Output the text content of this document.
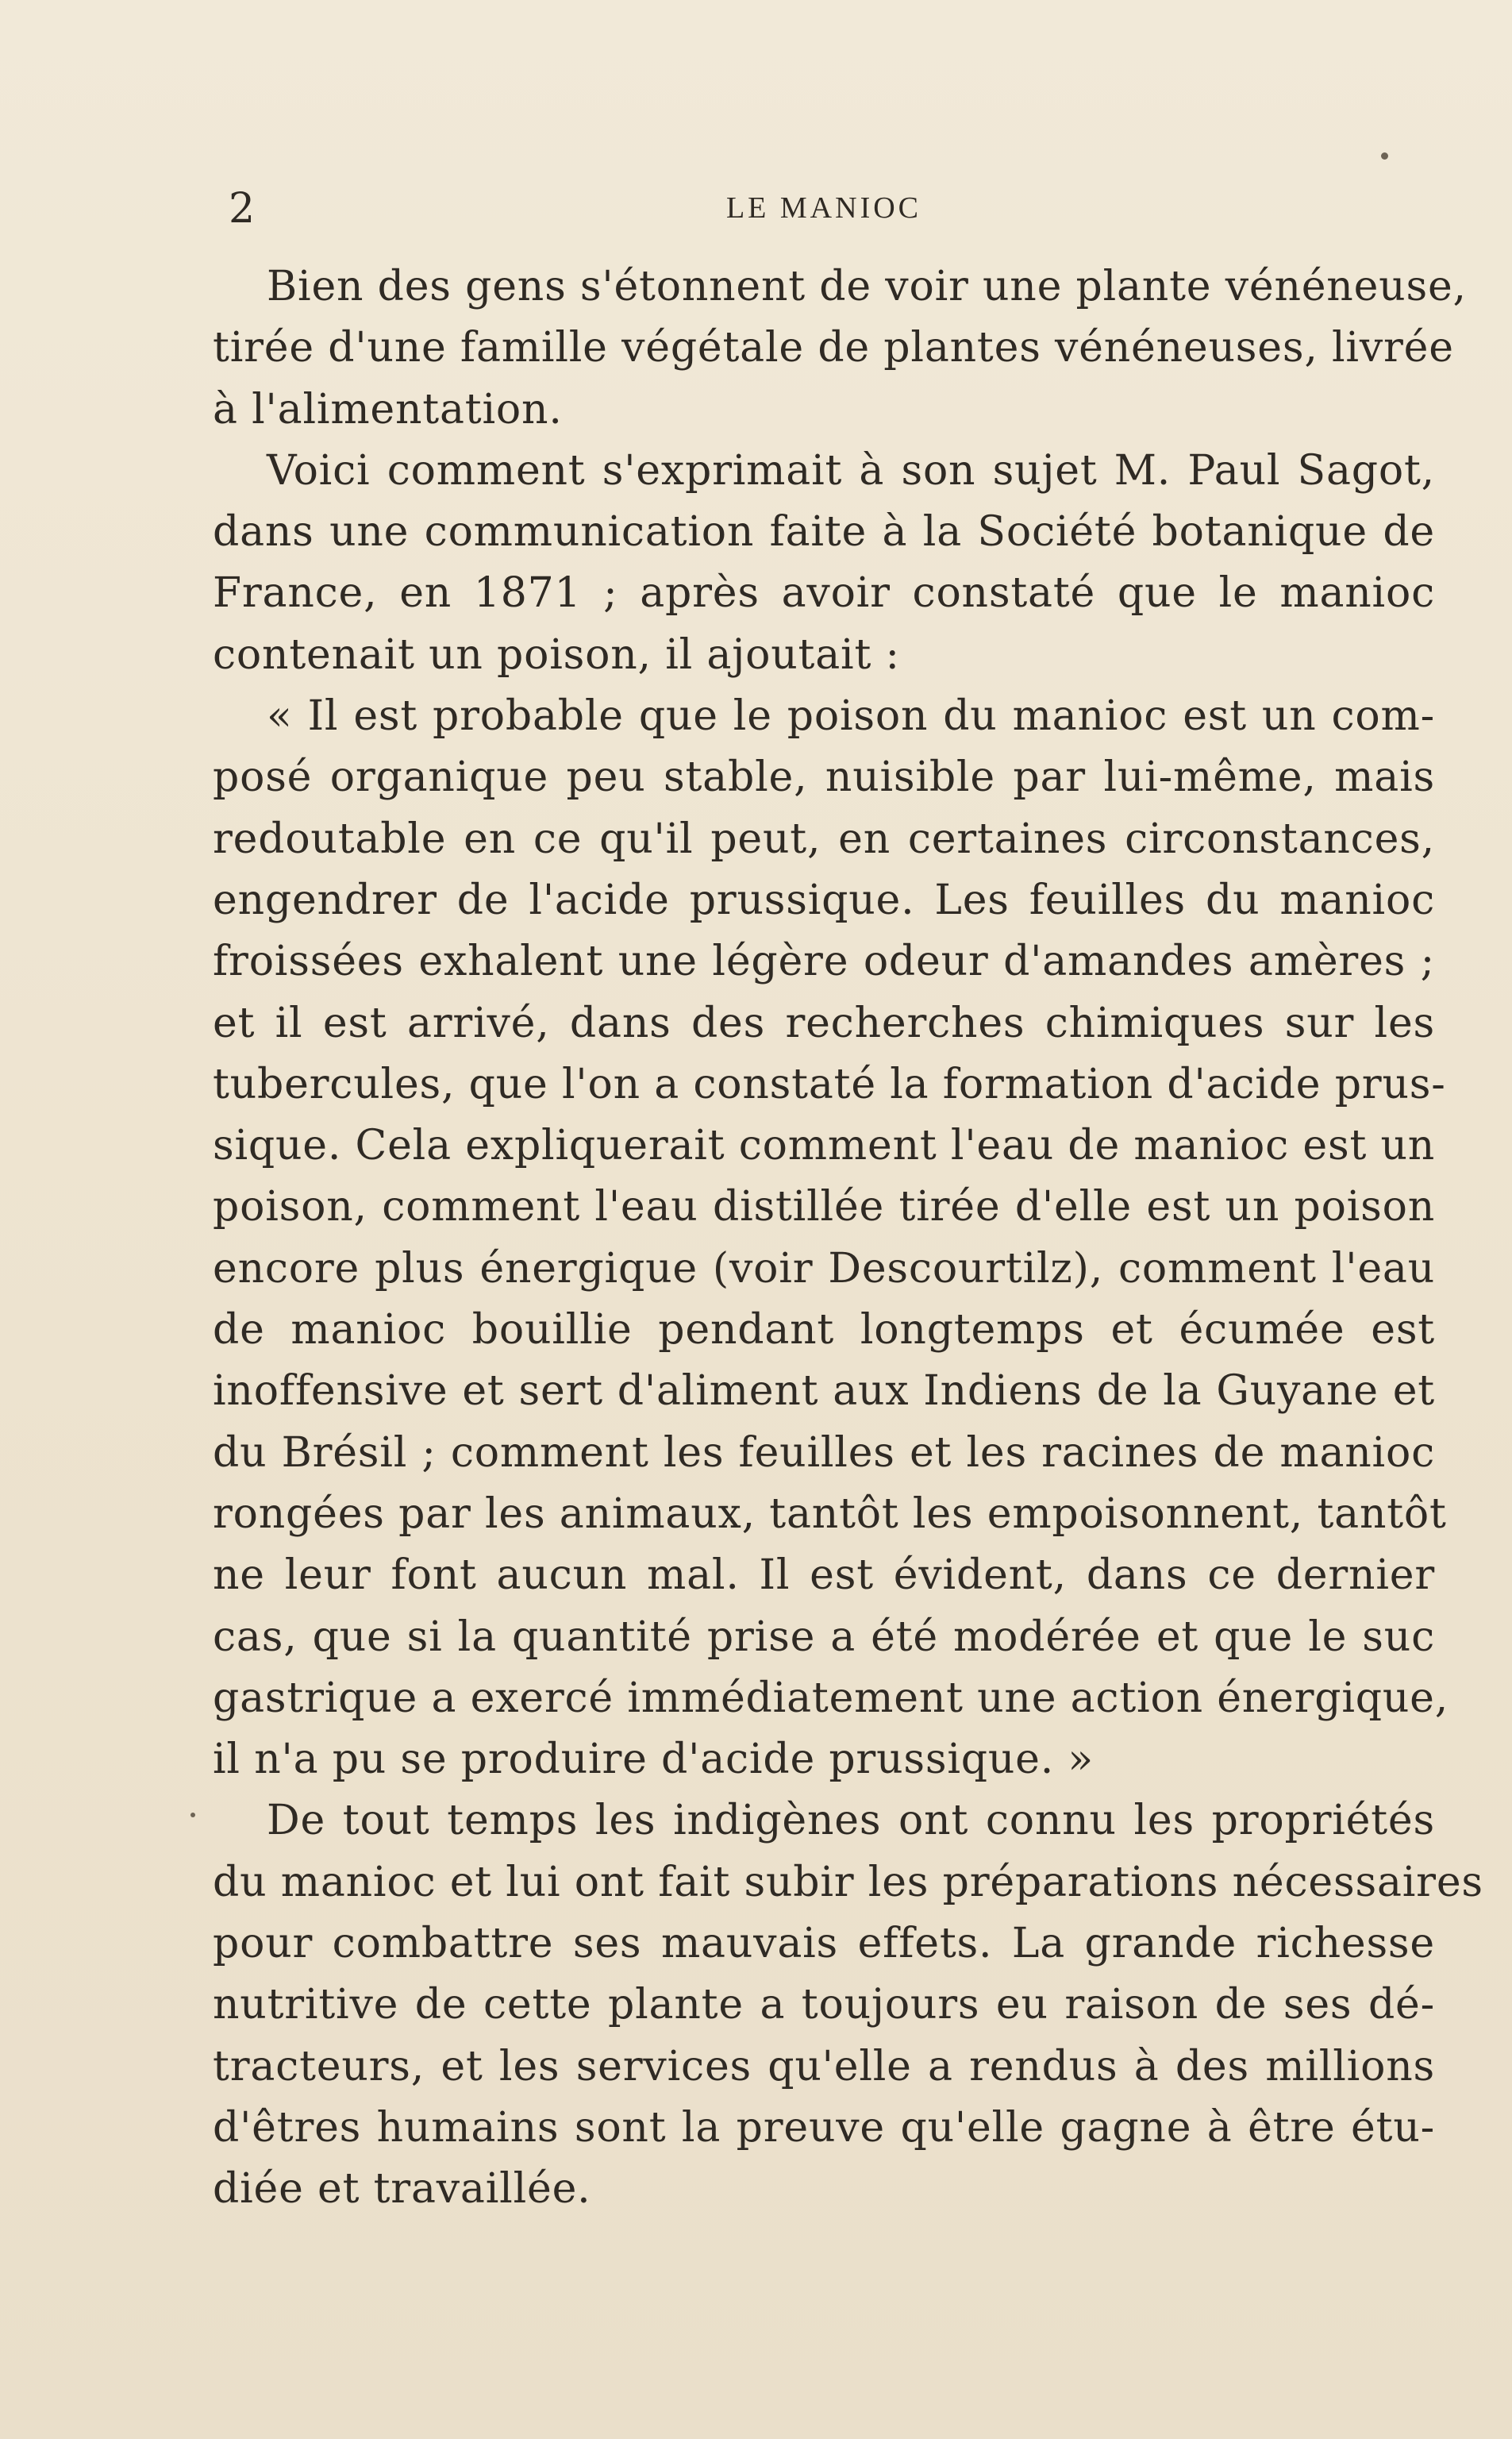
2	LE MANIOC
Bien des gens s'étonnent de voir une plante vénéneuse,
tirée d'une famille végétale de plantes vénéneuses, livrée
à l'alimentation.
Voici comment s'exprimait à son sujet M. Paul Sagot,
dans une communication faite à la Société botanique de
France, en 1871 ; après avoir constaté que le manioc
contenait un poison, il ajoutait :
« Il est probable que le poison du manioc est un com-
posé organique peu stable, nuisible par lui-même, mais
redoutable en ce qu'il peut, en certaines circonstances,
engendrer de l'acide prussique. Les feuilles du manioc
froissées exhalent une légère odeur d'amandes amères ;
et il est arrivé, dans des recherches chimiques sur les
tubercules, que l'on a constaté la formation d'acide prus-
sique. Cela expliquerait comment l'eau de manioc est un
poison, comment l'eau distillée tirée d'elle est un poison
encore plus énergique (voir Descourtilz), comment l'eau
de manioc bouillie pendant longtemps et écumée est
inoffensive et sert d'aliment aux Indiens de la Guyane et
du Brésil ; comment les feuilles et les racines de manioc
rongées par les animaux, tantôt les empoisonnent, tantôt
ne leur font aucun mal. Il est évident, dans ce dernier
cas, que si la quantité prise a été modérée et que le suc
gastrique a exercé immédiatement une action énergique,
il n'a pu se produire d'acide prussique. »
De tout temps les indigènes ont connu les propriétés
du manioc et lui ont fait subir les préparations nécessaires
pour combattre ses mauvais effets. La grande richesse
nutritive de cette plante a toujours eu raison de ses dé-
tracteurs, et les services qu'elle a rendus à des millions
d'êtres humains sont la preuve qu'elle gagne à être étu-
diée et travaillée.
